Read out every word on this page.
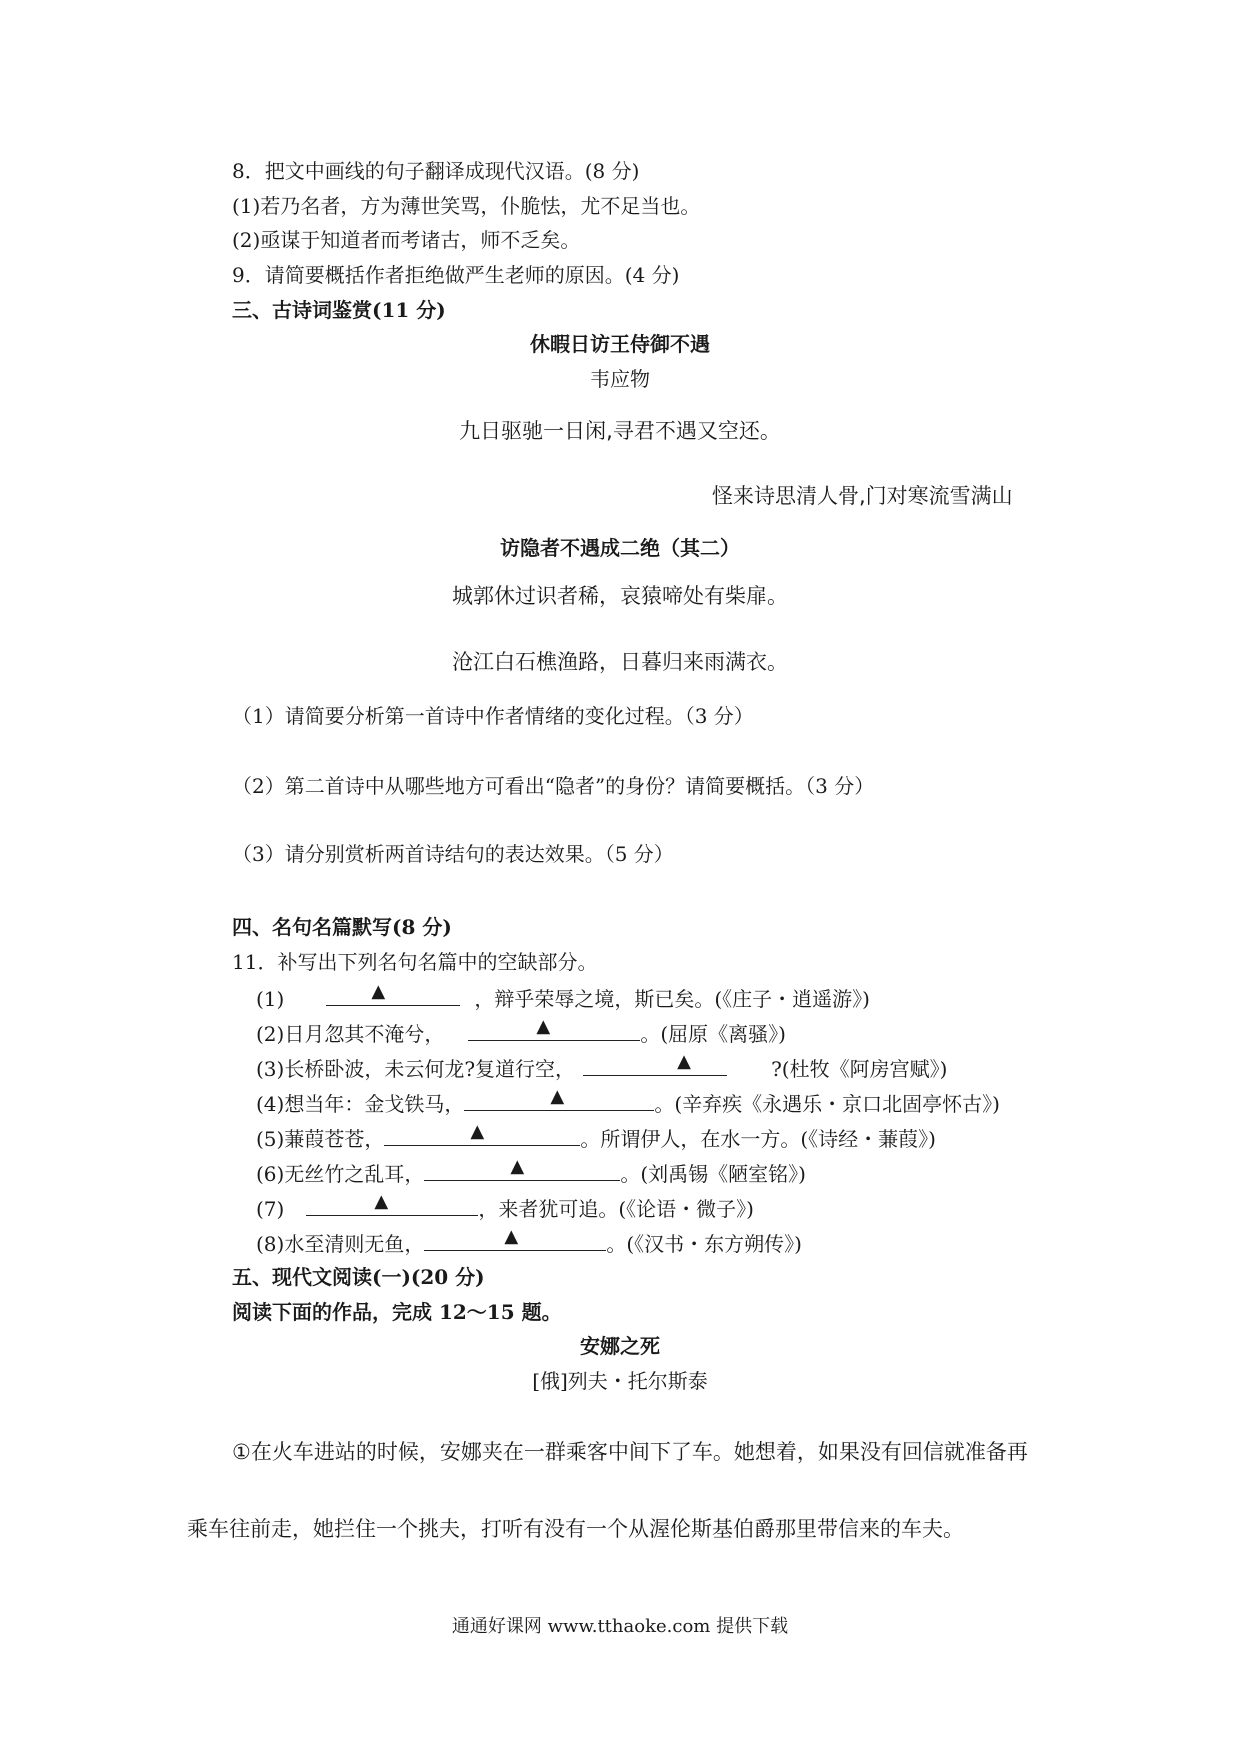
8．把文中画线的句子翻译成现代汉语。(8 分)
(1)若乃名者，方为薄世笑骂，仆脆怯，尤不足当也。
(2)亟谋于知道者而考诸古，师不乏矣。
9．请简要概括作者拒绝做严生老师的原因。(4 分)
三、古诗词鉴赏(11 分)
休暇日访王侍御不遇
韦应物
九日驱驰一日闲,寻君不遇又空还。
怪来诗思清人骨,门对寒流雪满山
访隐者不遇成二绝（其二）
城郭休过识者稀，哀猿啼处有柴扉。
沧江白石樵渔路，日暮归来雨满衣。
（1）请简要分析第一首诗中作者情绪的变化过程。（3 分）
（2）第二首诗中从哪些地方可看出“隐者”的身份？请简要概括。（3 分）
（3）请分别赏析两首诗结句的表达效果。（5 分）
四、名句名篇默写(8 分)
11．补写出下列名句名篇中的空缺部分。
(1)	▲	，辩乎荣辱之境，斯已矣。(《庄子・逍遥游》)
(2)日月忽其不淹兮，	▲	。(屈原《离骚》)
(3)长桥卧波，未云何龙?复道行空，	▲	?(杜牧《阿房宫赋》)
(4)想当年：金戈铁马，	▲	。(辛弃疾《永遇乐・京口北固亭怀古》)
(5)蒹葭苍苍，	▲	。所谓伊人，在水一方。(《诗经・蒹葭》)
(6)无丝竹之乱耳，	▲	。(刘禹锡《陋室铭》)
(7)	▲	，来者犹可追。(《论语・微子》)
(8)水至清则无鱼，	▲	。(《汉书・东方朔传》)
五、现代文阅读(一)(20 分)
阅读下面的作品，完成 12～15 题。
安娜之死
[俄]列夫・托尔斯泰
①在火车进站的时候，安娜夹在一群乘客中间下了车。她想着，如果没有回信就准备再
乘车往前走，她拦住一个挑夫，打听有没有一个从渥伦斯基伯爵那里带信来的车夫。
通通好课网 www.tthaoke.com 提供下载
